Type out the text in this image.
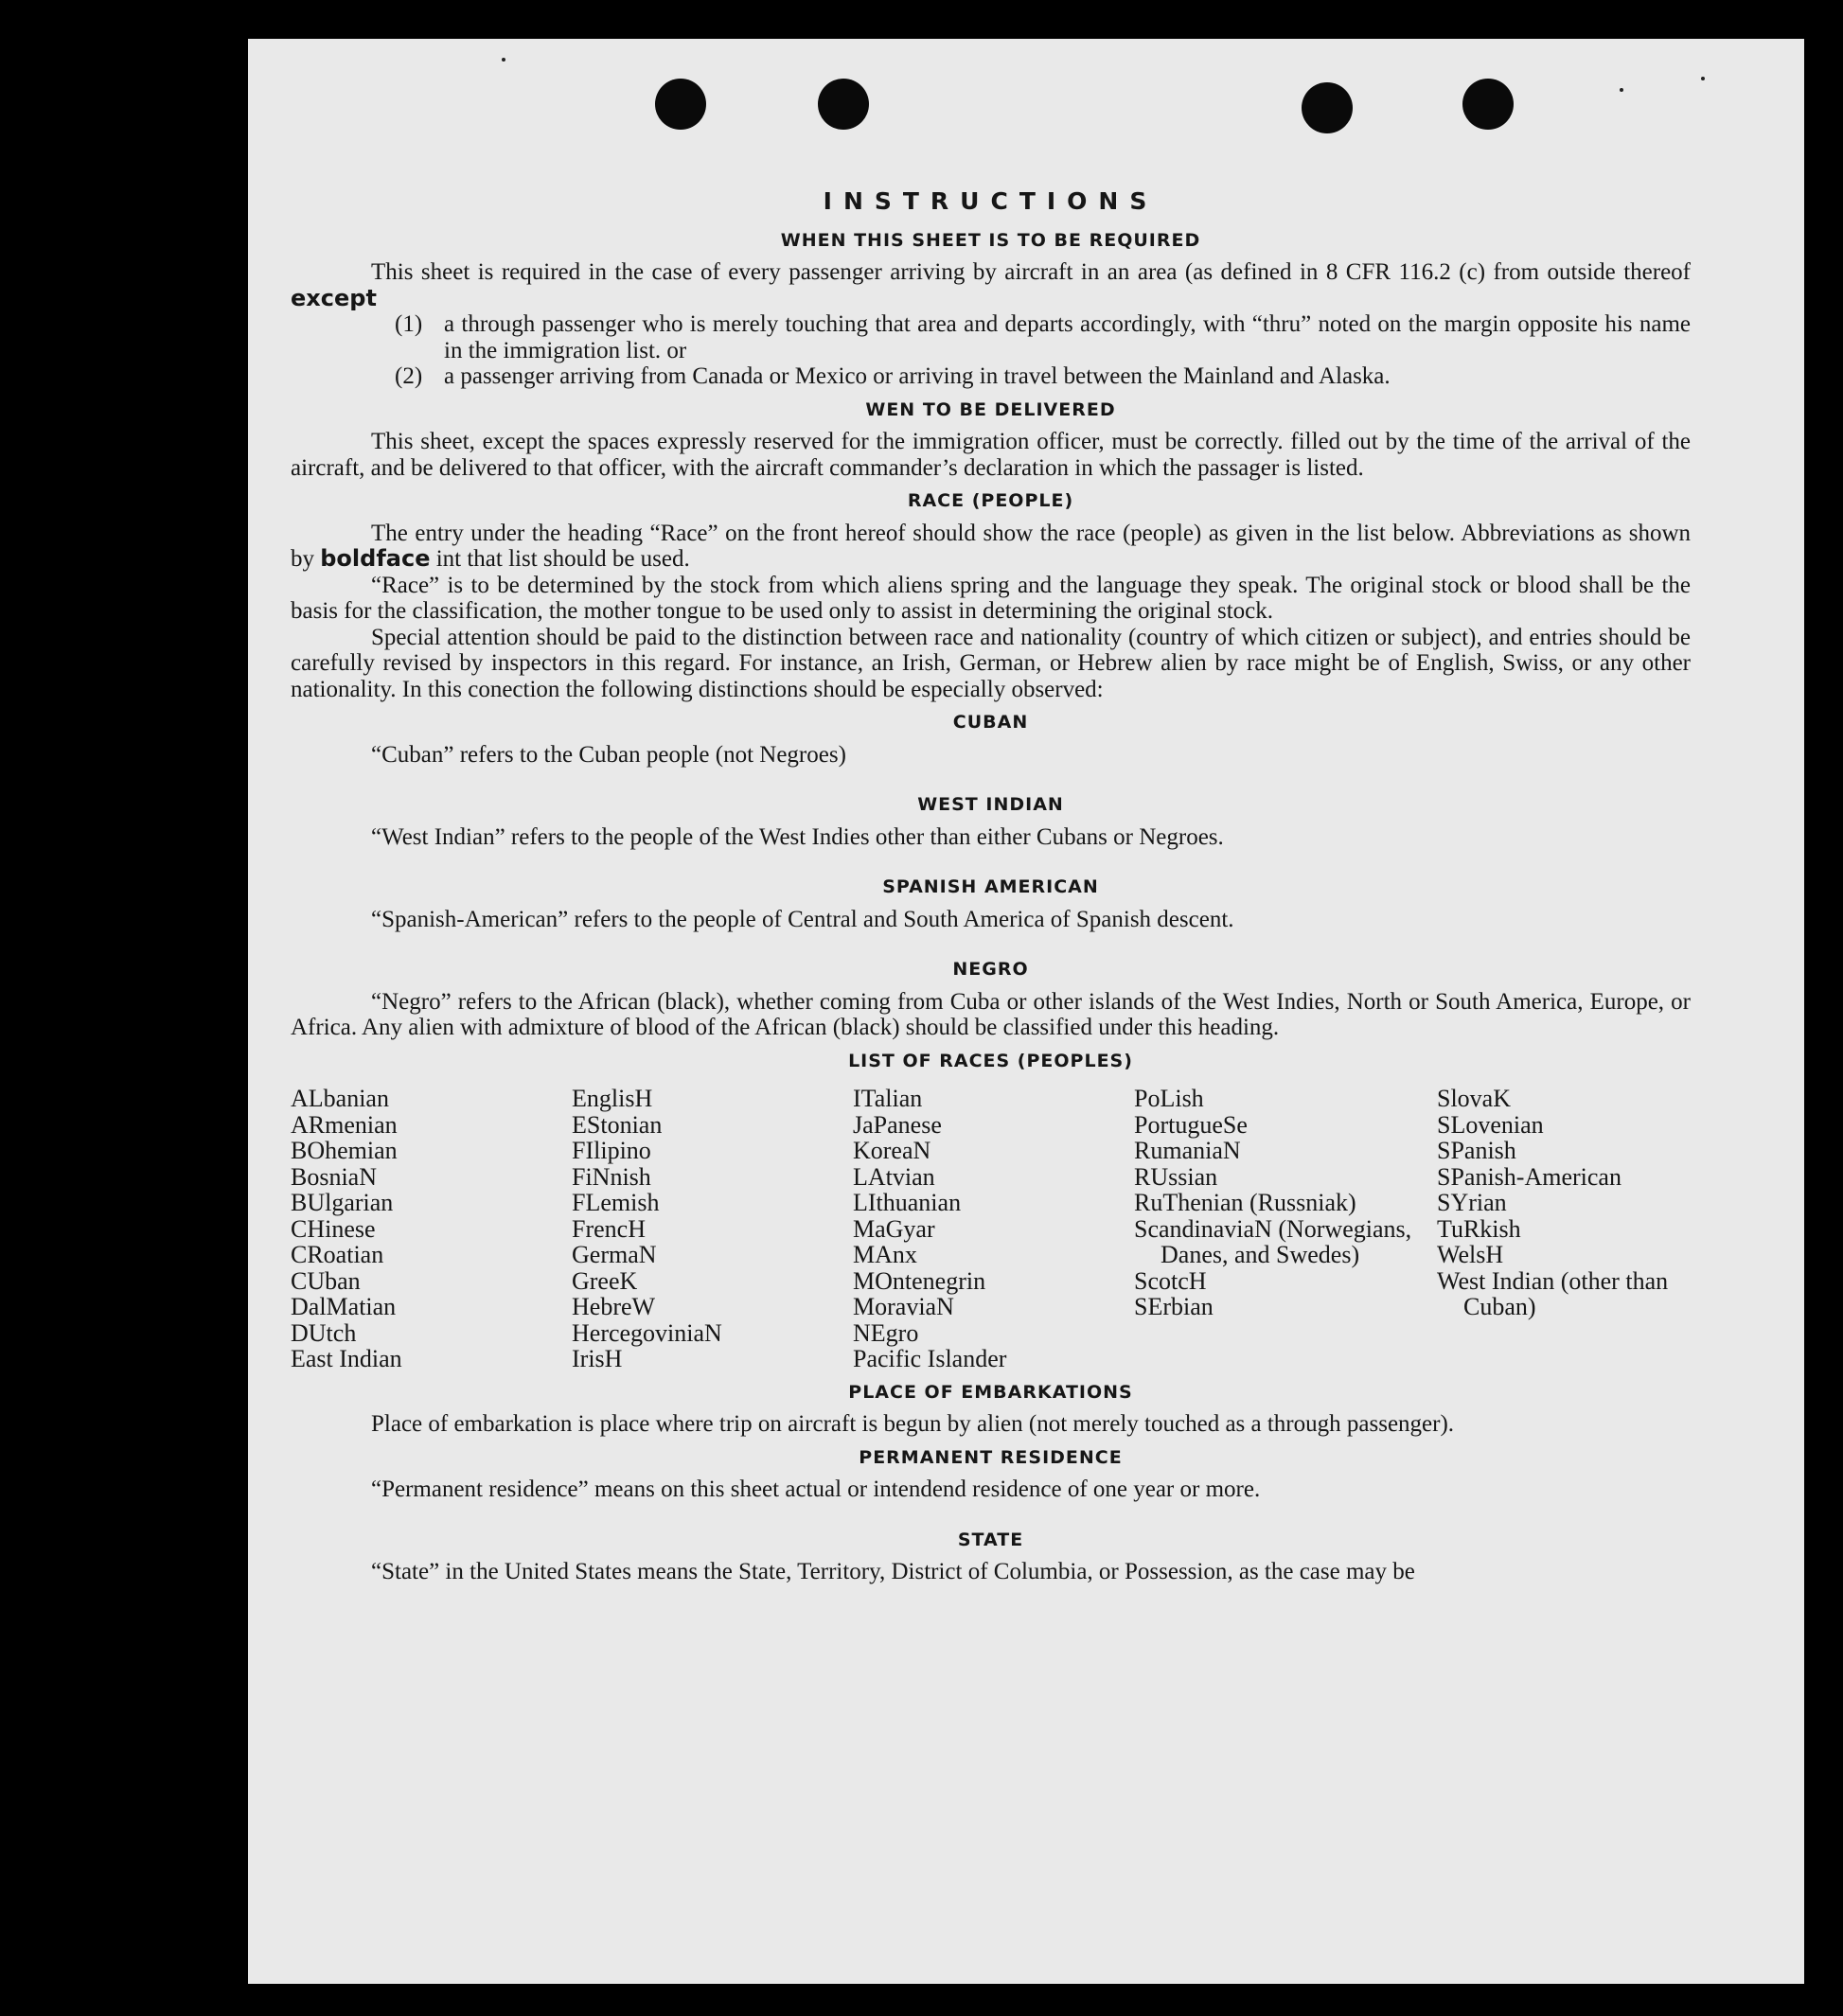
INSTRUCTIONS
WHEN THIS SHEET IS TO BE REQUIRED

This sheet is required in the case of every passenger arriving by aircraft in an area (as defined in 8 CFR 116.2 (c) from outside thereof except

(1) a through passenger who is merely touching that area and departs accordingly, with “thru” noted on the margin opposite his name in the immigration list. or
(2) a passenger arriving from Canada or Mexico or arriving in travel between the Mainland and Alaska.
WEN TO BE DELIVERED

This sheet, except the spaces expressly reserved for the immigration officer, must be correctly. filled out by the time of the arrival of the aircraft, and be delivered to that officer, with the aircraft commander’s declaration in which the passager is listed.

RACE (PEOPLE)

The entry under the heading “Race” on the front hereof should show the race (people) as given in the list below. Abbreviations as shown by boldface int that list should be used.

“Race” is to be determined by the stock from which aliens spring and the language they speak. The original stock or blood shall be the basis for the classification, the mother tongue to be used only to assist in determining the original stock.

Special attention should be paid to the distinction between race and nationality (country of which citizen or subject), and entries should be carefully revised by inspectors in this regard. For instance, an Irish, German, or Hebrew alien by race might be of English, Swiss, or any other nationality. In this conection the following distinctions should be especially observed:

CUBAN

“Cuban” refers to the Cuban people (not Negroes)

WEST INDIAN

“West Indian” refers to the people of the West Indies other than either Cubans or Negroes.

SPANISH AMERICAN

“Spanish-American” refers to the people of Central and South America of Spanish descent.

NEGRO

“Negro” refers to the African (black), whether coming from Cuba or other islands of the West Indies, North or South America, Europe, or Africa. Any alien with admixture of blood of the African (black) should be classified under this heading.

LIST OF RACES (PEOPLES)
ALbanian
ARmenian
BOhemian
BosniaN
BUlgarian
CHinese
CRoatian
CUban
DalMatian
DUtch
East Indian
EnglisH
EStonian
FIlipino
FiNnish
FLemish
FrencH
GermaN
GreeK
HebreW
HercegoviniaN
IrisH
ITalian
JaPanese
KoreaN
LAtvian
LIthuanian
MaGyar
MAnx
MOntenegrin
MoraviaN
NEgro
Pacific Islander
PoLish
PortugueSe
RumaniaN
RUssian
RuThenian (Russniak)
ScandinaviaN (Norwegians, Danes, and Swedes)
ScotcH
SErbian
SlovaK
SLovenian
SPanish
SPanish-American
SYrian
TuRkish
WelsH
West Indian (other than Cuban)
PLACE OF EMBARKATIONS

Place of embarkation is place where trip on aircraft is begun by alien (not merely touched as a through passenger).

PERMANENT RESIDENCE

“Permanent residence” means on this sheet actual or intendend residence of one year or more.

STATE

“State” in the United States means the State, Territory, District of Columbia, or Possession, as the case may be
